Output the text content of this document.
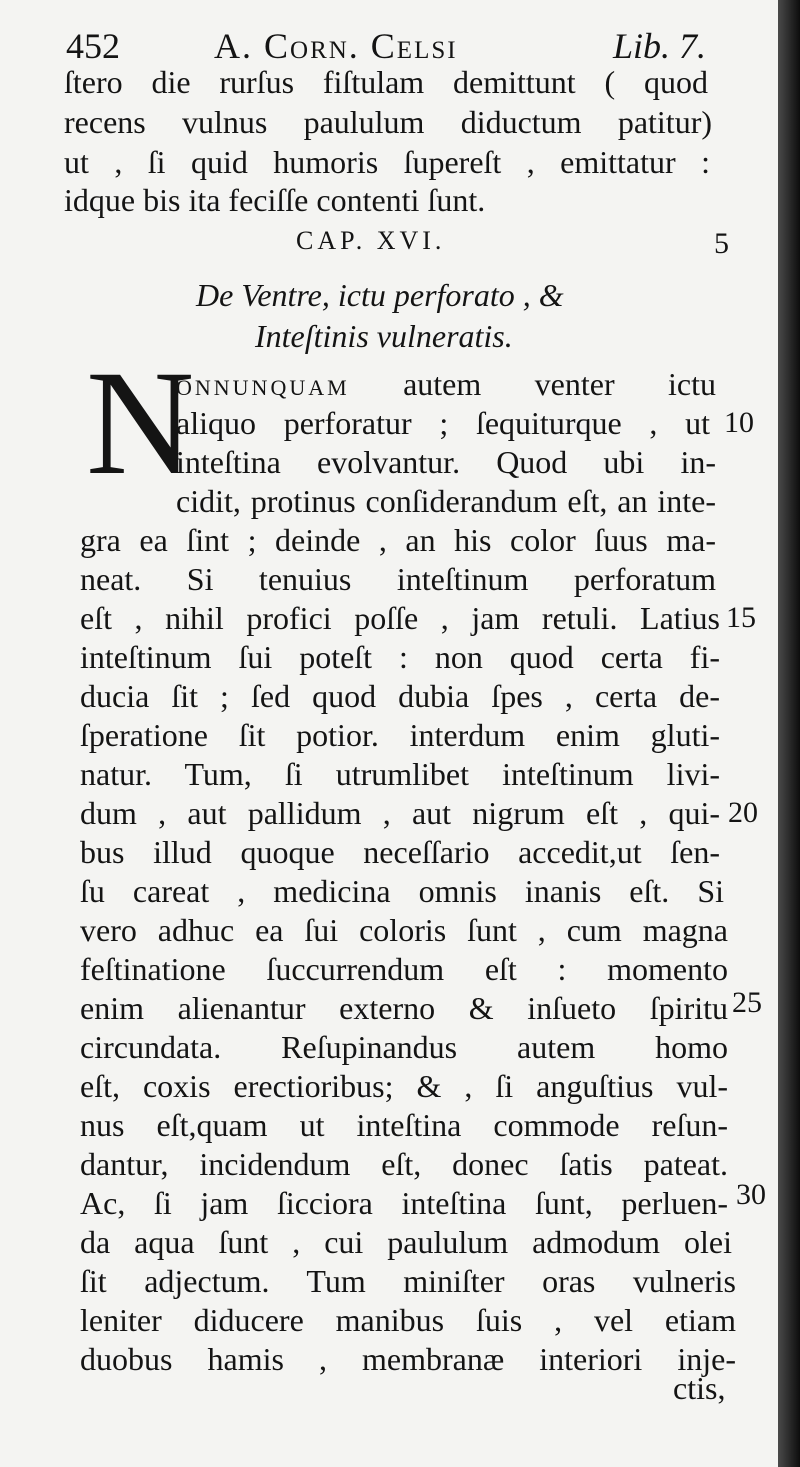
452	A. Corn. Celsi	Lib. 7.
ſtero die rurſus fiſtulam demittunt ( quod
recens vulnus paululum diductum patitur)
ut , ſi quid humoris ſupereſt , emittatur :
idque bis ita feciſſe contenti ſunt.
CAP. XVI.	5
De Ventre, ictu perforato , &
Inteſtinis vulneratis.
N
onnunquam autem venter ictu
aliquo perforatur ; ſequiturque , ut
inteſtina evolvantur. Quod ubi in-
cidit, protinus conſiderandum eſt, an inte-
gra ea ſint ; deinde , an his color ſuus ma-
neat. Si tenuius inteſtinum perforatum
eſt , nihil profici poſſe , jam retuli. Latius
inteſtinum ſui poteſt : non quod certa fi-
ducia ſit ; ſed quod dubia ſpes , certa de-
ſperatione ſit potior. interdum enim gluti-
natur. Tum, ſi utrumlibet inteſtinum livi-
dum , aut pallidum , aut nigrum eſt , qui-
bus illud quoque neceſſario accedit,ut ſen-
ſu careat , medicina omnis inanis eſt. Si
vero adhuc ea ſui coloris ſunt , cum magna
feſtinatione ſuccurrendum eſt : momento
enim alienantur externo & inſueto ſpiritu
circundata. Reſupinandus autem homo
eſt, coxis erectioribus; & , ſi anguſtius vul-
nus eſt,quam ut inteſtina commode reſun-
dantur, incidendum eſt, donec ſatis pateat.
Ac, ſi jam ſicciora inteſtina ſunt, perluen-
da aqua ſunt , cui paululum admodum olei
ſit adjectum. Tum miniſter oras vulneris
leniter diducere manibus ſuis , vel etiam
duobus hamis , membranæ interiori inje-
ctis,
10
15
20
25
30
